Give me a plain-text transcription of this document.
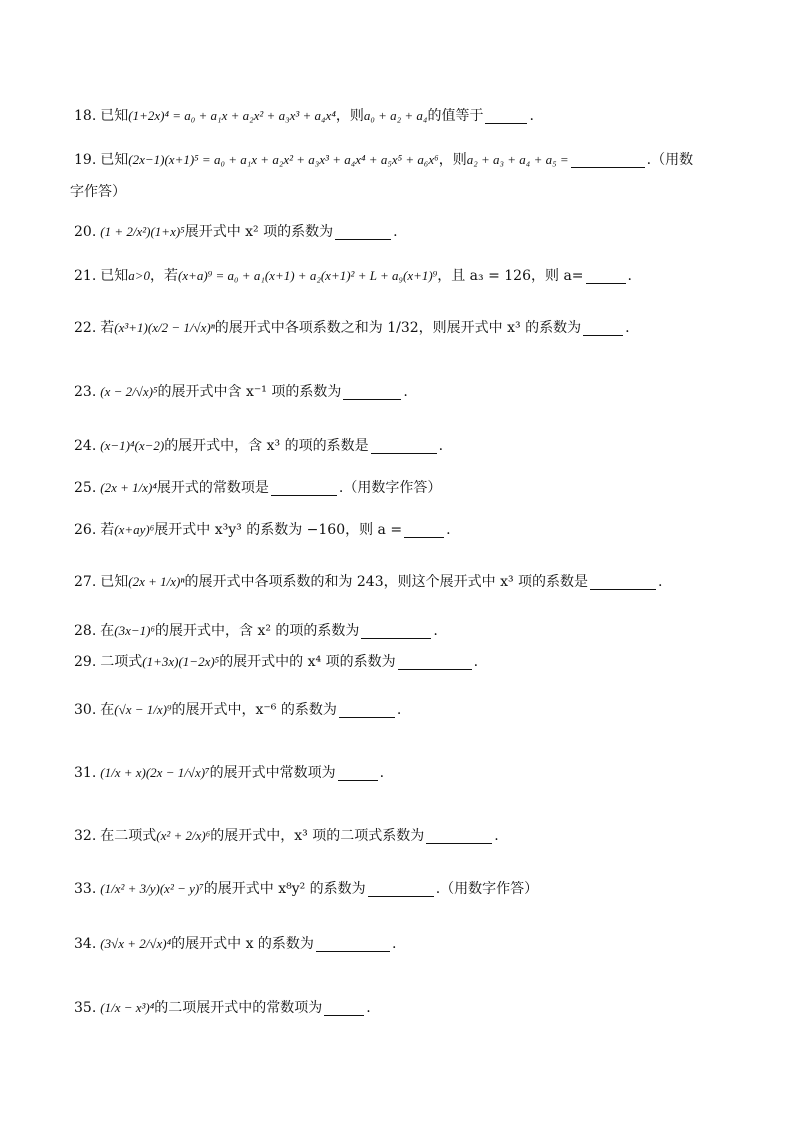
18. 已知 (1+2x)⁴ = a₀ + a₁x + a₂x² + a₃x³ + a₄x⁴ ，则 a₀ + a₂ + a₄ 的值等于	.
19. 已知 (2x−1)(x+1)⁵ = a₀ + a₁x + a₂x² + a₃x³ + a₄x⁴ + a₅x⁵ + a₆x⁶ ，则 a₂ + a₃ + a₄ + a₅ =	.（用数
字作答）
20. (1 + 2/x²)(1+x)⁵ 展开式中 x² 项的系数为	.
21. 已知 a>0 ，若 (x+a)⁹ = a₀ + a₁(x+1) + a₂(x+1)² + L + a₉(x+1)⁹ ，且 a₃ = 126，则 a=	.
22. 若 (x³+1)(x/2 − 1/√x)ⁿ 的展开式中各项系数之和为 1/32，则展开式中 x³ 的系数为	.
23. (x − 2/√x)⁵ 的展开式中含 x⁻¹ 项的系数为	.
24. (x−1)⁴(x−2) 的展开式中，含 x³ 的项的系数是	.
25. (2x + 1/x)⁴ 展开式的常数项是	.（用数字作答）
26. 若 (x+ay)⁶ 展开式中 x³y³ 的系数为 −160，则 a =	.
27. 已知 (2x + 1/x)ⁿ 的展开式中各项系数的和为 243，则这个展开式中 x³ 项的系数是	.
28. 在 (3x−1)⁶ 的展开式中，含 x² 的项的系数为	.
29. 二项式 (1+3x)(1−2x)⁵ 的展开式中的 x⁴ 项的系数为	.
30. 在 (√x − 1/x)⁹ 的展开式中，x⁻⁶ 的系数为	.
31. (1/x + x)(2x − 1/√x)⁷ 的展开式中常数项为	.
32. 在二项式 (x² + 2/x)⁶ 的展开式中，x³ 项的二项式系数为	.
33. (1/x² + 3/y)(x² − y)⁷ 的展开式中 x⁸y² 的系数为	.（用数字作答）
34. (3√x + 2/√x)⁴ 的展开式中 x 的系数为	.
35. (1/x − x³)⁴ 的二项展开式中的常数项为	.
